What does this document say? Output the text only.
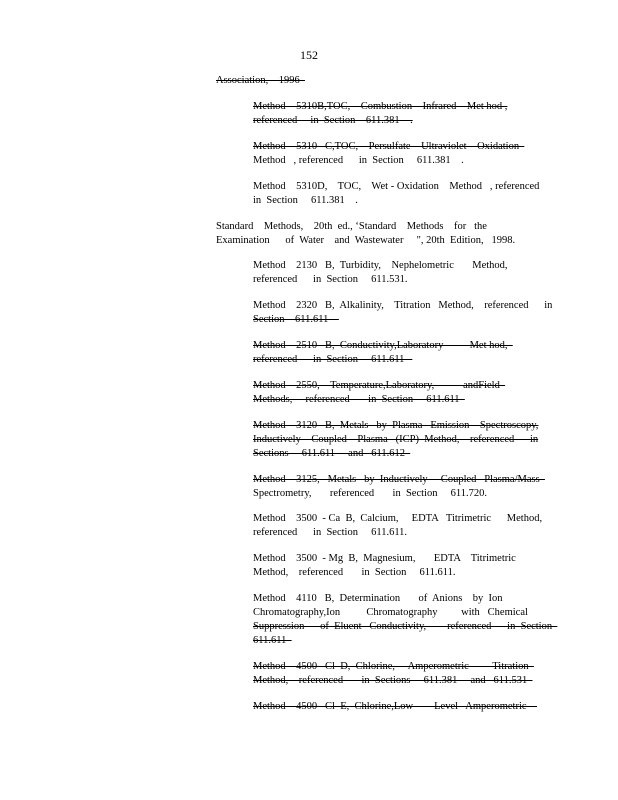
152
Association,    1996
Method    5310B,TOC,    Combustion    Infrared    Met hod ,
referenced     in  Section    611.381    .
Method    5310   C,TOC,    Persulfate    Ultraviolet    Oxidation
Method   , referenced      in  Section     611.381    .
Method    5310D,    TOC,    Wet - Oxidation    Method   , referenced
in  Section     611.381    .
Standard    Methods,    20th  ed., ‘Standard    Methods    for   the
Examination      of  Water    and  Wastewater     ", 20th  Edition,   1998.
Method    2130   B,  Turbidity,    Nephelometric       Method,
referenced      in  Section     611.531.
Method    2320   B,  Alkalinity,    Titration   Method,    referenced      in
Section    611.611
Method    2510   B,  Conductivity,Laboratory          Met hod,
referenced      in  Section     611.611
Method    2550,    Temperature,Laboratory,           andField
Methods,     referenced       in  Section     611.611
Method    3120   B,  Metals   by  Plasma   Emission    Spectroscopy,
Inductively    Coupled    Plasma   (ICP)  Method,    referenced      in
Sections     611.611     and   611.612
Method    3125,   Metals   by  Inductively     Coupled   Plasma/Mass
Spectrometry,       referenced       in  Section     611.720.
Method    3500  - Ca  B,  Calcium,     EDTA   Titrimetric      Method,
referenced      in  Section     611.611.
Method    3500  - Mg  B,  Magnesium,       EDTA    Titrimetric
Method,    referenced       in  Section     611.611.
Method    4110   B,  Determination       of  Anions    by  Ion
Chromatography,Ion          Chromatography         with   Chemical
Suppression      of  Eluent   Conductivity,        referenced      in  Section
611.611
Method    4500   Cl  D,  Chlorine,     Amperometric         Titration
Method,    referenced       in  Sections     611.381     and   611.531
Method    4500   Cl  E,  Chlorine,Low        Level   Amperometric
